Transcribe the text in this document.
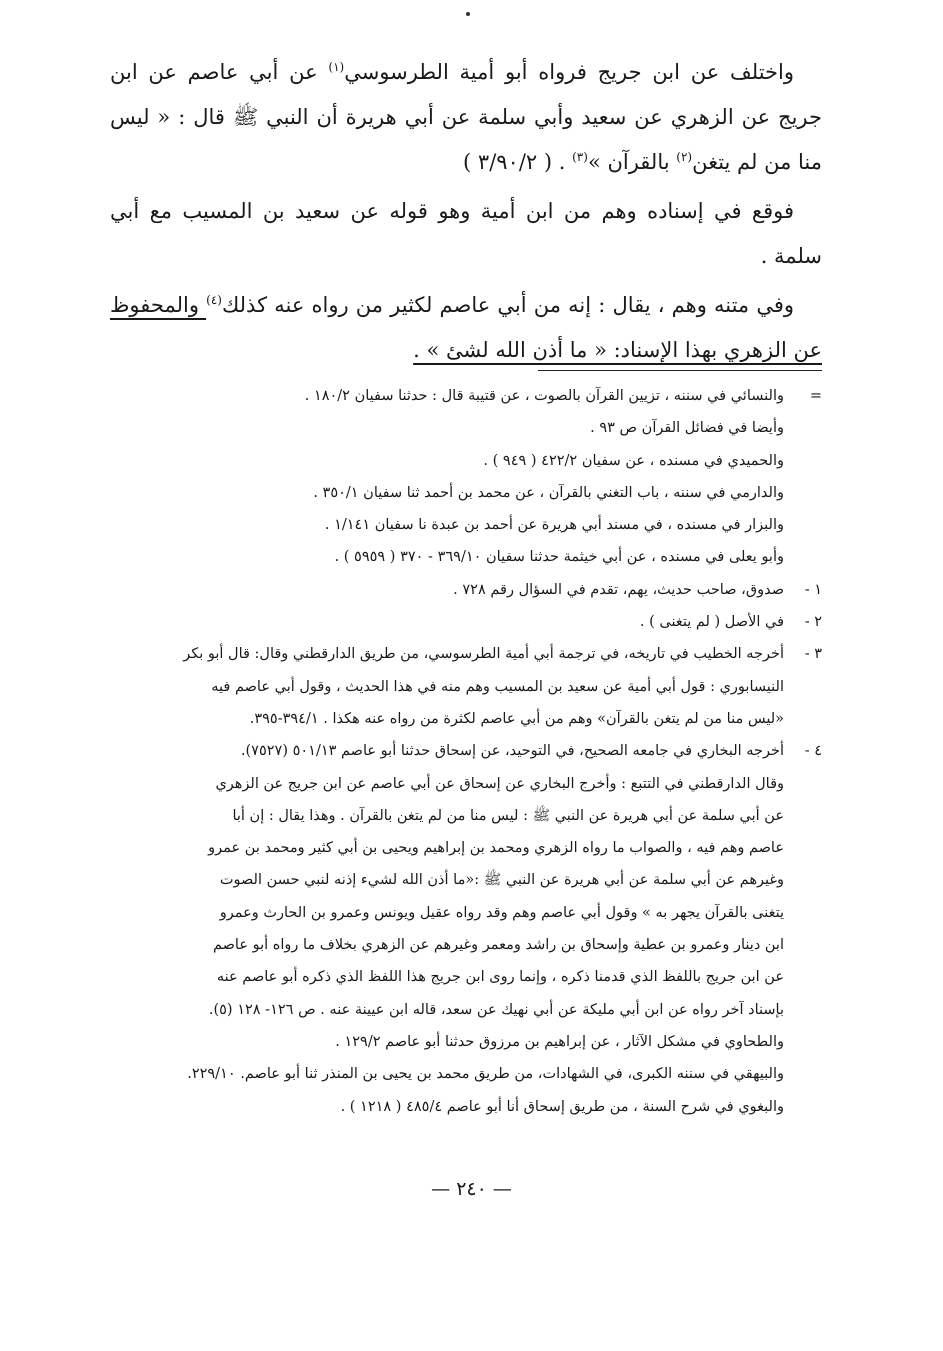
واختلف عن ابن جريج فرواه أبو أمية الطرسوسي$^{(١)}$ عن أبي عاصم عن ابن جريج عن الزهري عن سعيد وأبي سلمة عن أبي هريرة أن النبي ﷺ قال : « ليس منا من لم يتغن$^{(٢)}$ بالقرآن »$^{(٣)}$ . ( ٣/٩٠/٢ )

فوقع في إسناده وهم من ابن أمية وهو قوله عن سعيد بن المسيب مع أبي سلمة .

وفي متنه وهم ، يقال : إنه من أبي عاصم لكثير من رواه عنه كذلك$^{(٤)}$ والمحفوظ عن الزهري بهذا الإسناد: « ما أذن الله لشئ » .

=
والنسائي في سننه ، تزيين القرآن بالصوت ، عن قتيبة قال : حدثنا سفيان ١٨٠/٢ .
وأيضا في فضائل القرآن ص ٩٣ .
والحميدي في مسنده ، عن سفيان ٤٢٢/٢ ( ٩٤٩ ) .
والدارمي في سننه ، باب التغني بالقرآن ، عن محمد بن أحمد ثنا سفيان ٣٥٠/١ .
والبزار في مسنده ، في مسند أبي هريرة عن أحمد بن عبدة نا سفيان ١/١٤١ .
وأبو يعلى في مسنده ، عن أبي خيثمة حدثنا سفيان ٣٦٩/١٠ - ٣٧٠ ( ٥٩٥٩ ) .
١ -
صدوق، صاحب حديث، يهم، تقدم في السؤال رقم ٧٢٨ .
٢ -
في الأصل ( لم يتغنى ) .
٣ -
أخرجه الخطيب في تاريخه، في ترجمة أبي أمية الطرسوسي، من طريق الدارقطني وقال: قال أبو بكر
النيسابوري : قول أبي أمية عن سعيد بن المسيب وهم منه في هذا الحديث ، وقول أبي عاصم فيه
«ليس منا من لم يتغن بالقرآن» وهم من أبي عاصم لكثرة من رواه عنه هكذا . ٣٩٤/١-٣٩٥.
٤ -
أخرجه البخاري في جامعه الصحيح، في التوحيد، عن إسحاق حدثنا أبو عاصم ٥٠١/١٣ (٧٥٢٧).
وقال الدارقطني في التتبع : وأخرج البخاري عن إسحاق عن أبي عاصم عن ابن جريج عن الزهري
عن أبي سلمة عن أبي هريرة عن النبي ﷺ : ليس منا من لم يتغن بالقرآن . وهذا يقال : إن أبا
عاصم وهم فيه ، والصواب ما رواه الزهري ومحمد بن إبراهيم ويحيى بن أبي كثير ومحمد بن عمرو
وغيرهم عن أبي سلمة عن أبي هريرة عن النبي ﷺ :«ما أذن الله لشيء إذنه لنبي حسن الصوت
يتغنى بالقرآن يجهر به » وقول أبي عاصم وهم وقد رواه عقيل ويونس وعمرو بن الحارث وعمرو
ابن دينار وعمرو بن عطية وإسحاق بن راشد ومعمر وغيرهم عن الزهري بخلاف ما رواه أبو عاصم
عن ابن جريج باللفظ الذي قدمنا ذكره ، وإنما روى ابن جريج هذا اللفظ الذي ذكره أبو عاصم عنه
بإسناد آخر رواه عن ابن أبي مليكة عن أبي نهيك عن سعد، قاله ابن عيينة عنه . ص ١٢٦- ١٢٨ (٥).
والطحاوي في مشكل الآثار ، عن إبراهيم بن مرزوق حدثنا أبو عاصم ١٢٩/٢ .
والبيهقي في سننه الكبرى، في الشهادات، من طريق محمد بن يحيى بن المنذر ثنا أبو عاصم. ٢٢٩/١٠.
والبغوي في شرح السنة ، من طريق إسحاق أنا أبو عاصم ٤٨٥/٤ ( ١٢١٨ ) .
— ٢٤٠ —
